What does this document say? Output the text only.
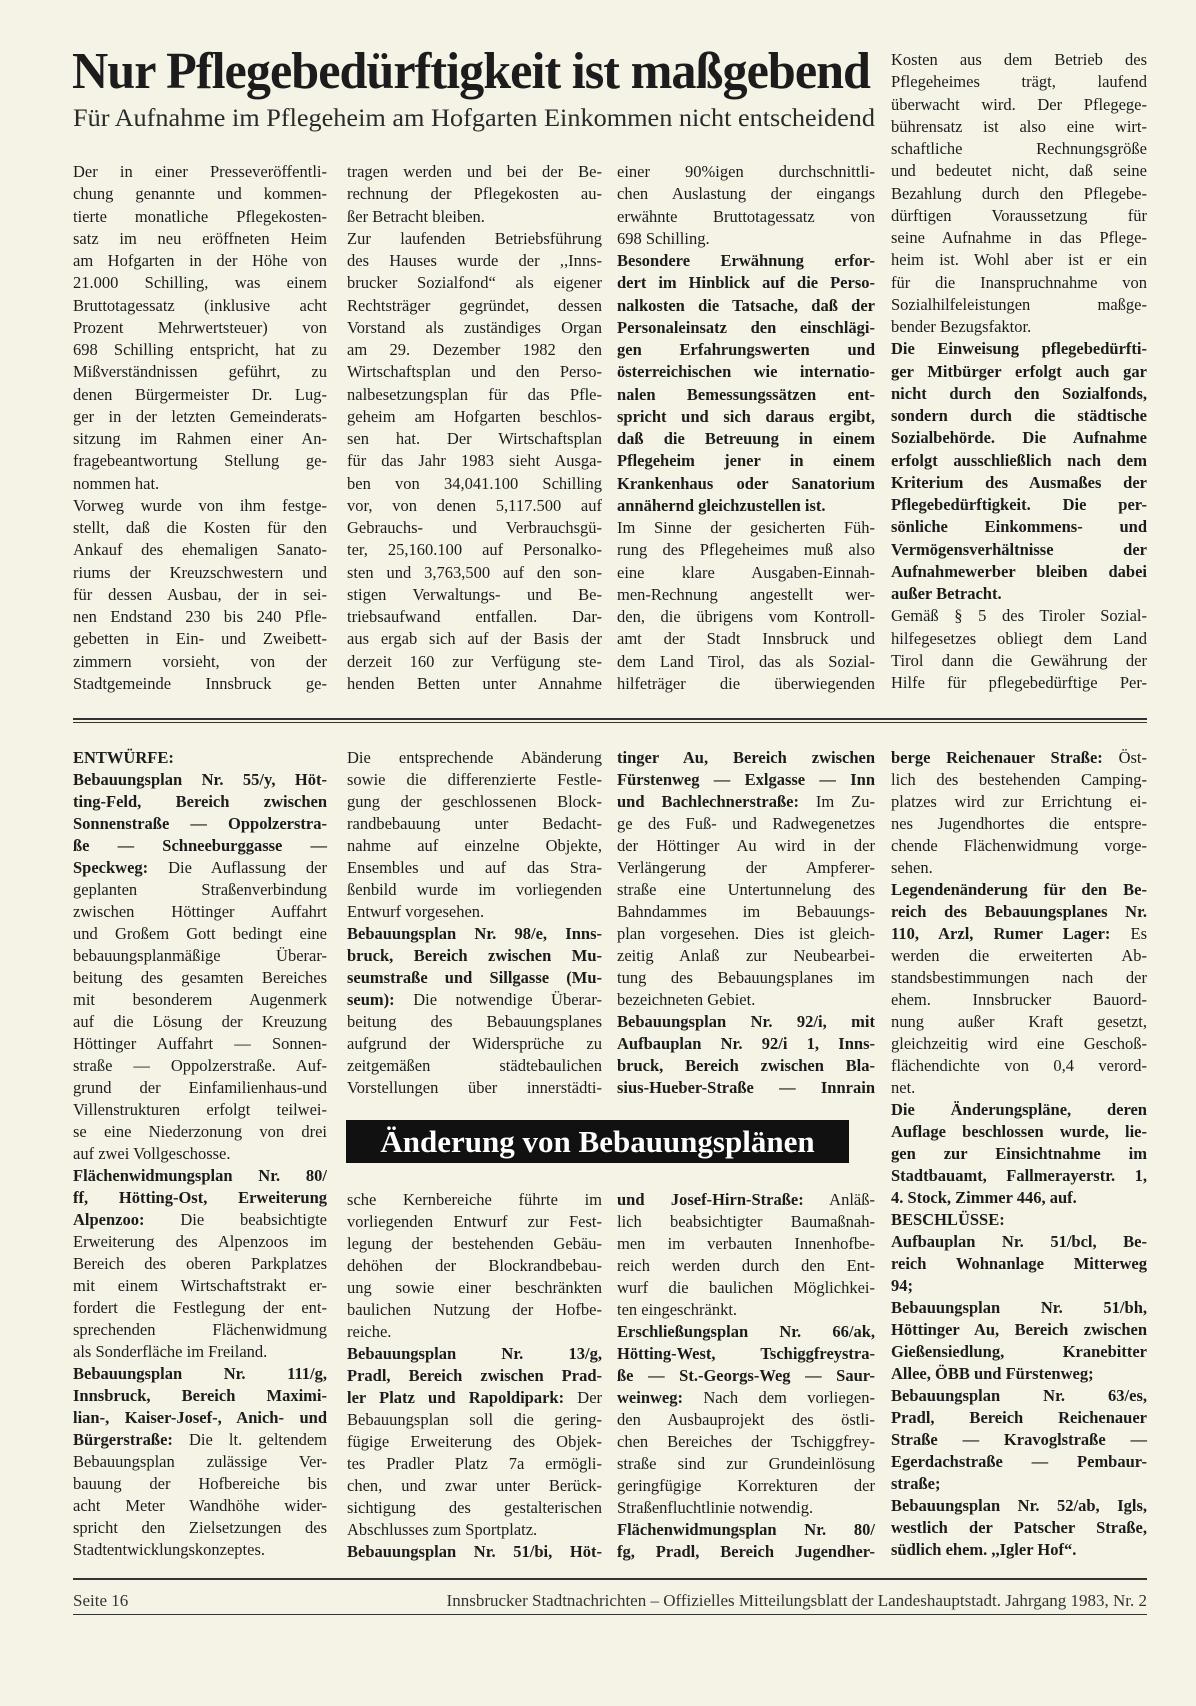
Nur Pflegebedürftigkeit ist maßgebend
Für Aufnahme im Pflegeheim am Hofgarten Einkommen nicht entscheidend
Der in einer Presseveröffentli-
chung genannte und kommen-
tierte monatliche Pflegekosten-
satz im neu eröffneten Heim
am Hofgarten in der Höhe von
21.000 Schilling, was einem
Bruttotagessatz (inklusive acht
Prozent Mehrwertsteuer) von
698 Schilling entspricht, hat zu
Mißverständnissen geführt, zu
denen Bürgermeister Dr. Lug-
ger in der letzten Gemeinderats-
sitzung im Rahmen einer An-
fragebeantwortung Stellung ge-
nommen hat.
Vorweg wurde von ihm festge-
stellt, daß die Kosten für den
Ankauf des ehemaligen Sanato-
riums der Kreuzschwestern und
für dessen Ausbau, der in sei-
nen Endstand 230 bis 240 Pfle-
gebetten in Ein- und Zweibett-
zimmern vorsieht, von der
Stadtgemeinde Innsbruck ge-
tragen werden und bei der Be-
rechnung der Pflegekosten au-
ßer Betracht bleiben.
Zur laufenden Betriebsführung
des Hauses wurde der ,,Inns-
brucker Sozialfond“ als eigener
Rechtsträger gegründet, dessen
Vorstand als zuständiges Organ
am 29. Dezember 1982 den
Wirtschaftsplan und den Perso-
nalbesetzungsplan für das Pfle-
geheim am Hofgarten beschlos-
sen hat. Der Wirtschaftsplan
für das Jahr 1983 sieht Ausga-
ben von 34,041.100 Schilling
vor, von denen 5,117.500 auf
Gebrauchs- und Verbrauchsgü-
ter, 25,160.100 auf Personalko-
sten und 3,763,500 auf den son-
stigen Verwaltungs- und Be-
triebsaufwand entfallen. Dar-
aus ergab sich auf der Basis der
derzeit 160 zur Verfügung ste-
henden Betten unter Annahme
einer 90%igen durchschnittli-
chen Auslastung der eingangs
erwähnte Bruttotagessatz von
698 Schilling.
Besondere Erwähnung erfor-
dert im Hinblick auf die Perso-
nalkosten die Tatsache, daß der
Personaleinsatz den einschlägi-
gen Erfahrungswerten und
österreichischen wie internatio-
nalen Bemessungssätzen ent-
spricht und sich daraus ergibt,
daß die Betreuung in einem
Pflegeheim jener in einem
Krankenhaus oder Sanatorium
annähernd gleichzustellen ist.
Im Sinne der gesicherten Füh-
rung des Pflegeheimes muß also
eine klare Ausgaben-Einnah-
men-Rechnung angestellt wer-
den, die übrigens vom Kontroll-
amt der Stadt Innsbruck und
dem Land Tirol, das als Sozial-
hilfeträger die überwiegenden
Kosten aus dem Betrieb des
Pflegeheimes trägt, laufend
überwacht wird. Der Pflegege-
bührensatz ist also eine wirt-
schaftliche Rechnungsgröße
und bedeutet nicht, daß seine
Bezahlung durch den Pflegebe-
dürftigen Voraussetzung für
seine Aufnahme in das Pflege-
heim ist. Wohl aber ist er ein
für die Inanspruchnahme von
Sozialhilfeleistungen maßge-
bender Bezugsfaktor.
Die Einweisung pflegebedürfti-
ger Mitbürger erfolgt auch gar
nicht durch den Sozialfonds,
sondern durch die städtische
Sozialbehörde. Die Aufnahme
erfolgt ausschließlich nach dem
Kriterium des Ausmaßes der
Pflegebedürftigkeit. Die per-
sönliche Einkommens- und
Vermögensverhältnisse der
Aufnahmewerber bleiben dabei
außer Betracht.
Gemäß § 5 des Tiroler Sozial-
hilfegesetzes obliegt dem Land
Tirol dann die Gewährung der
Hilfe für pflegebedürftige Per-
ENTWÜRFE:
Bebauungsplan Nr. 55/y, Höt-
ting-Feld, Bereich zwischen
Sonnenstraße — Oppolzerstra-
ße — Schneeburggasse —
Speckweg: Die Auflassung der
geplanten Straßenverbindung
zwischen Höttinger Auffahrt
und Großem Gott bedingt eine
bebauungsplanmäßige Überar-
beitung des gesamten Bereiches
mit besonderem Augenmerk
auf die Lösung der Kreuzung
Höttinger Auffahrt — Sonnen-
straße — Oppolzerstraße. Auf-
grund der Einfamilienhaus-und
Villenstrukturen erfolgt teilwei-
se eine Niederzonung von drei
auf zwei Vollgeschosse.
Flächenwidmungsplan Nr. 80/
ff, Hötting-Ost, Erweiterung
Alpenzoo: Die beabsichtigte
Erweiterung des Alpenzoos im
Bereich des oberen Parkplatzes
mit einem Wirtschaftstrakt er-
fordert die Festlegung der ent-
sprechenden Flächenwidmung
als Sonderfläche im Freiland.
Bebauungsplan Nr. 111/g,
Innsbruck, Bereich Maximi-
lian-, Kaiser-Josef-, Anich- und
Bürgerstraße: Die lt. geltendem
Bebauungsplan zulässige Ver-
bauung der Hofbereiche bis
acht Meter Wandhöhe wider-
spricht den Zielsetzungen des
Stadtentwicklungskonzeptes.
Die entsprechende Abänderung
sowie die differenzierte Festle-
gung der geschlossenen Block-
randbebauung unter Bedacht-
nahme auf einzelne Objekte,
Ensembles und auf das Stra-
ßenbild wurde im vorliegenden
Entwurf vorgesehen.
Bebauungsplan Nr. 98/e, Inns-
bruck, Bereich zwischen Mu-
seumstraße und Sillgasse (Mu-
seum): Die notwendige Überar-
beitung des Bebauungsplanes
aufgrund der Widersprüche zu
zeitgemäßen städtebaulichen
Vorstellungen über innerstädti-
tinger Au, Bereich zwischen
Fürstenweg — Exlgasse — Inn
und Bachlechnerstraße: Im Zu-
ge des Fuß- und Radwegenetzes
der Höttinger Au wird in der
Verlängerung der Ampferer-
straße eine Untertunnelung des
Bahndammes im Bebauungs-
plan vorgesehen. Dies ist gleich-
zeitig Anlaß zur Neubearbei-
tung des Bebauungsplanes im
bezeichneten Gebiet.
Bebauungsplan Nr. 92/i, mit
Aufbauplan Nr. 92/i 1, Inns-
bruck, Bereich zwischen Bla-
sius-Hueber-Straße — Innrain
berge Reichenauer Straße: Öst-
lich des bestehenden Camping-
platzes wird zur Errichtung ei-
nes Jugendhortes die entspre-
chende Flächenwidmung vorge-
sehen.
Legendenänderung für den Be-
reich des Bebauungsplanes Nr.
110, Arzl, Rumer Lager: Es
werden die erweiterten Ab-
standsbestimmungen nach der
ehem. Innsbrucker Bauord-
nung außer Kraft gesetzt,
gleichzeitig wird eine Geschoß-
flächendichte von 0,4 verord-
net.
Die Änderungspläne, deren
Auflage beschlossen wurde, lie-
gen zur Einsichtnahme im
Stadtbauamt, Fallmerayerstr. 1,
4. Stock, Zimmer 446, auf.
BESCHLÜSSE:
Aufbauplan Nr. 51/bcl, Be-
reich Wohnanlage Mitterweg
94;
Bebauungsplan Nr. 51/bh,
Höttinger Au, Bereich zwischen
Gießensiedlung, Kranebitter
Allee, ÖBB und Fürstenweg;
Bebauungsplan Nr. 63/es,
Pradl, Bereich Reichenauer
Straße — Kravoglstraße —
Egerdachstraße — Pembaur-
straße;
Bebauungsplan Nr. 52/ab, Igls,
westlich der Patscher Straße,
südlich ehem. ,,Igler Hof“.
Änderung von Bebauungsplänen
sche Kernbereiche führte im
vorliegenden Entwurf zur Fest-
legung der bestehenden Gebäu-
dehöhen der Blockrandbebau-
ung sowie einer beschränkten
baulichen Nutzung der Hofbe-
reiche.
Bebauungsplan Nr. 13/g,
Pradl, Bereich zwischen Prad-
ler Platz und Rapoldipark: Der
Bebauungsplan soll die gering-
fügige Erweiterung des Objek-
tes Pradler Platz 7a ermögli-
chen, und zwar unter Berück-
sichtigung des gestalterischen
Abschlusses zum Sportplatz.
Bebauungsplan Nr. 51/bi, Höt-
und Josef-Hirn-Straße: Anläß-
lich beabsichtigter Baumaßnah-
men im verbauten Innenhofbe-
reich werden durch den Ent-
wurf die baulichen Möglichkei-
ten eingeschränkt.
Erschließungsplan Nr. 66/ak,
Hötting-West, Tschiggfreystra-
ße — St.-Georgs-Weg — Saur-
weinweg: Nach dem vorliegen-
den Ausbauprojekt des östli-
chen Bereiches der Tschiggfrey-
straße sind zur Grundeinlösung
geringfügige Korrekturen der
Straßenfluchtlinie notwendig.
Flächenwidmungsplan Nr. 80/
fg, Pradl, Bereich Jugendher-
Seite 16	Innsbrucker Stadtnachrichten – Offizielles Mitteilungsblatt der Landeshauptstadt. Jahrgang 1983, Nr. 2
